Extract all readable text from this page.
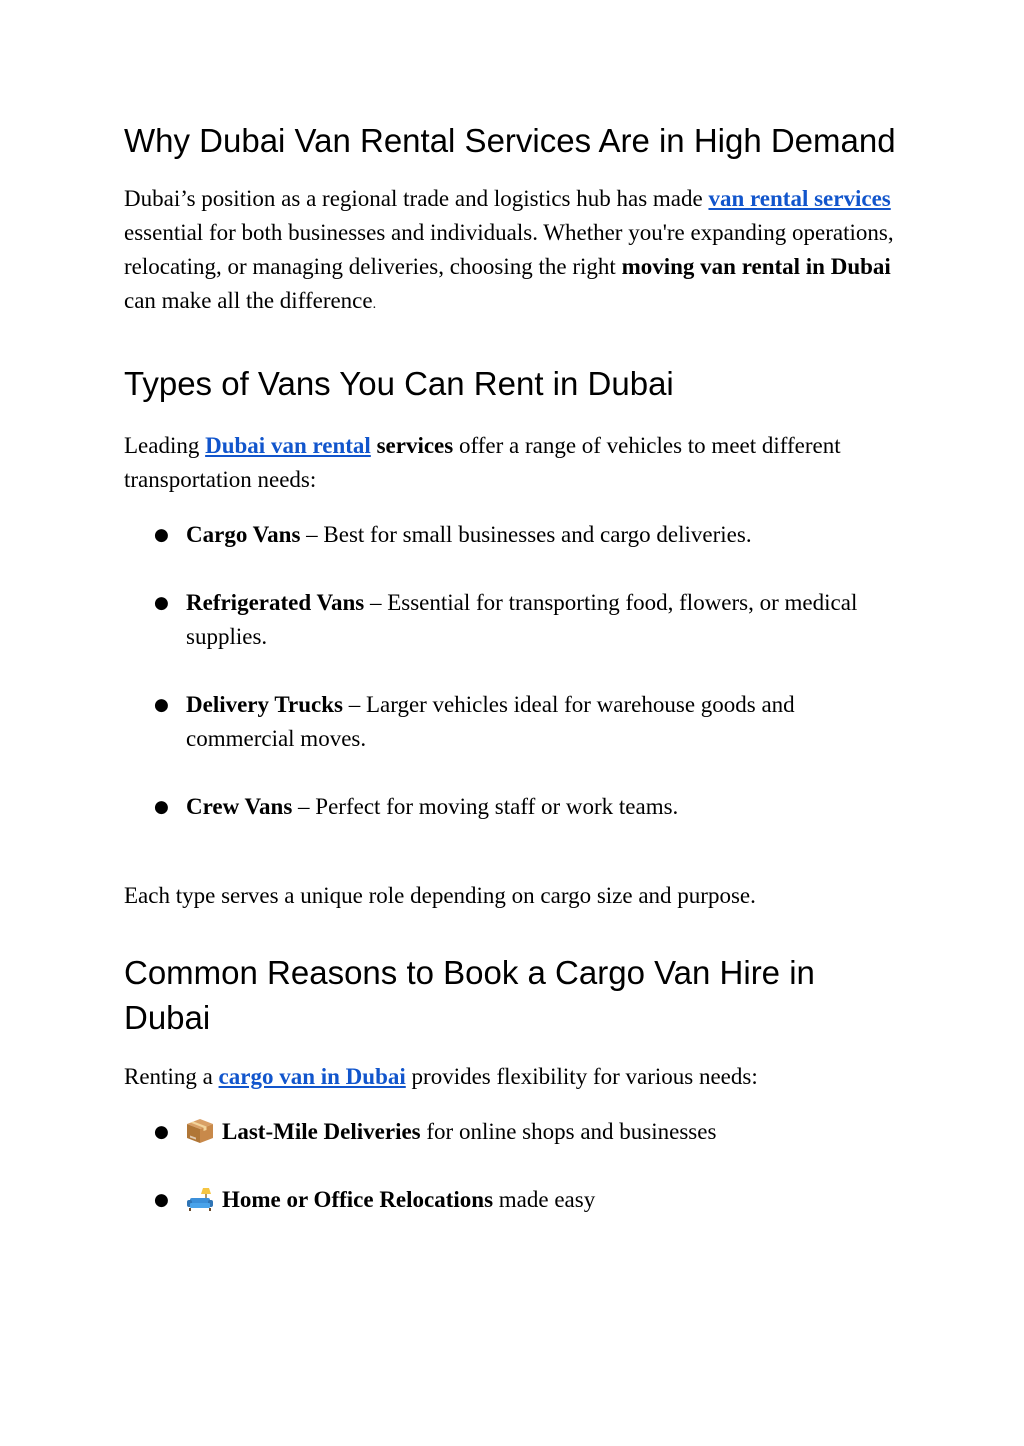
Why Dubai Van Rental Services Are in High Demand

Dubai’s position as a regional trade and logistics hub has made van rental services essential for both businesses and individuals. Whether you're expanding operations, relocating, or managing deliveries, choosing the right moving van rental in Dubai can make all the difference.

Types of Vans You Can Rent in Dubai

Leading Dubai van rental services offer a range of vehicles to meet different transportation needs:

● Cargo Vans – Best for small businesses and cargo deliveries.
● Refrigerated Vans – Essential for transporting food, flowers, or medical supplies.
● Delivery Trucks – Larger vehicles ideal for warehouse goods and commercial moves.
● Crew Vans – Perfect for moving staff or work teams.

Each type serves a unique role depending on cargo size and purpose.

Common Reasons to Book a Cargo Van Hire in Dubai

Renting a cargo van in Dubai provides flexibility for various needs:

● Last-Mile Deliveries for online shops and businesses
● Home or Office Relocations made easy
